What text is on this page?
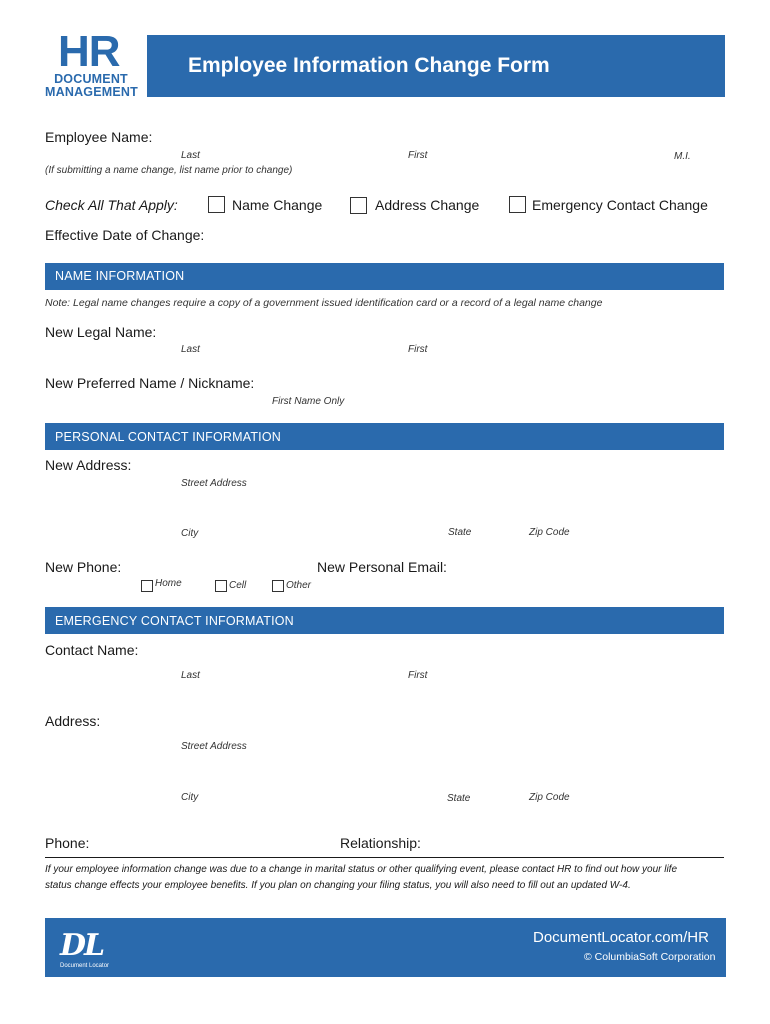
HR
DOCUMENT
MANAGEMENT
Employee Information Change Form
Employee Name:
Last	First	M.I.
(If submitting a name change, list name prior to change)
Check All That Apply:	Name Change	Address Change	Emergency Contact Change
Effective Date of Change:
NAME INFORMATION
Note: Legal name changes require a copy of a government issued identification card or a record of a legal name change
New Legal Name:
Last	First
New Preferred Name / Nickname:
First Name Only
PERSONAL CONTACT INFORMATION
New Address:
Street Address
City	State	Zip Code
New Phone:	New Personal Email:
Home	Cell	Other
EMERGENCY CONTACT INFORMATION
Contact Name:
Last	First
Address:
Street Address
City	State	Zip Code
Phone:	Relationship:
If your employee information change was due to a change in marital status or other qualifying event, please contact HR to find out how your life
status change effects your employee benefits. If you plan on changing your filing status, you will also need to fill out an updated W-4.
DL
Document Locator
DocumentLocator.com/HR
© ColumbiaSoft Corporation
